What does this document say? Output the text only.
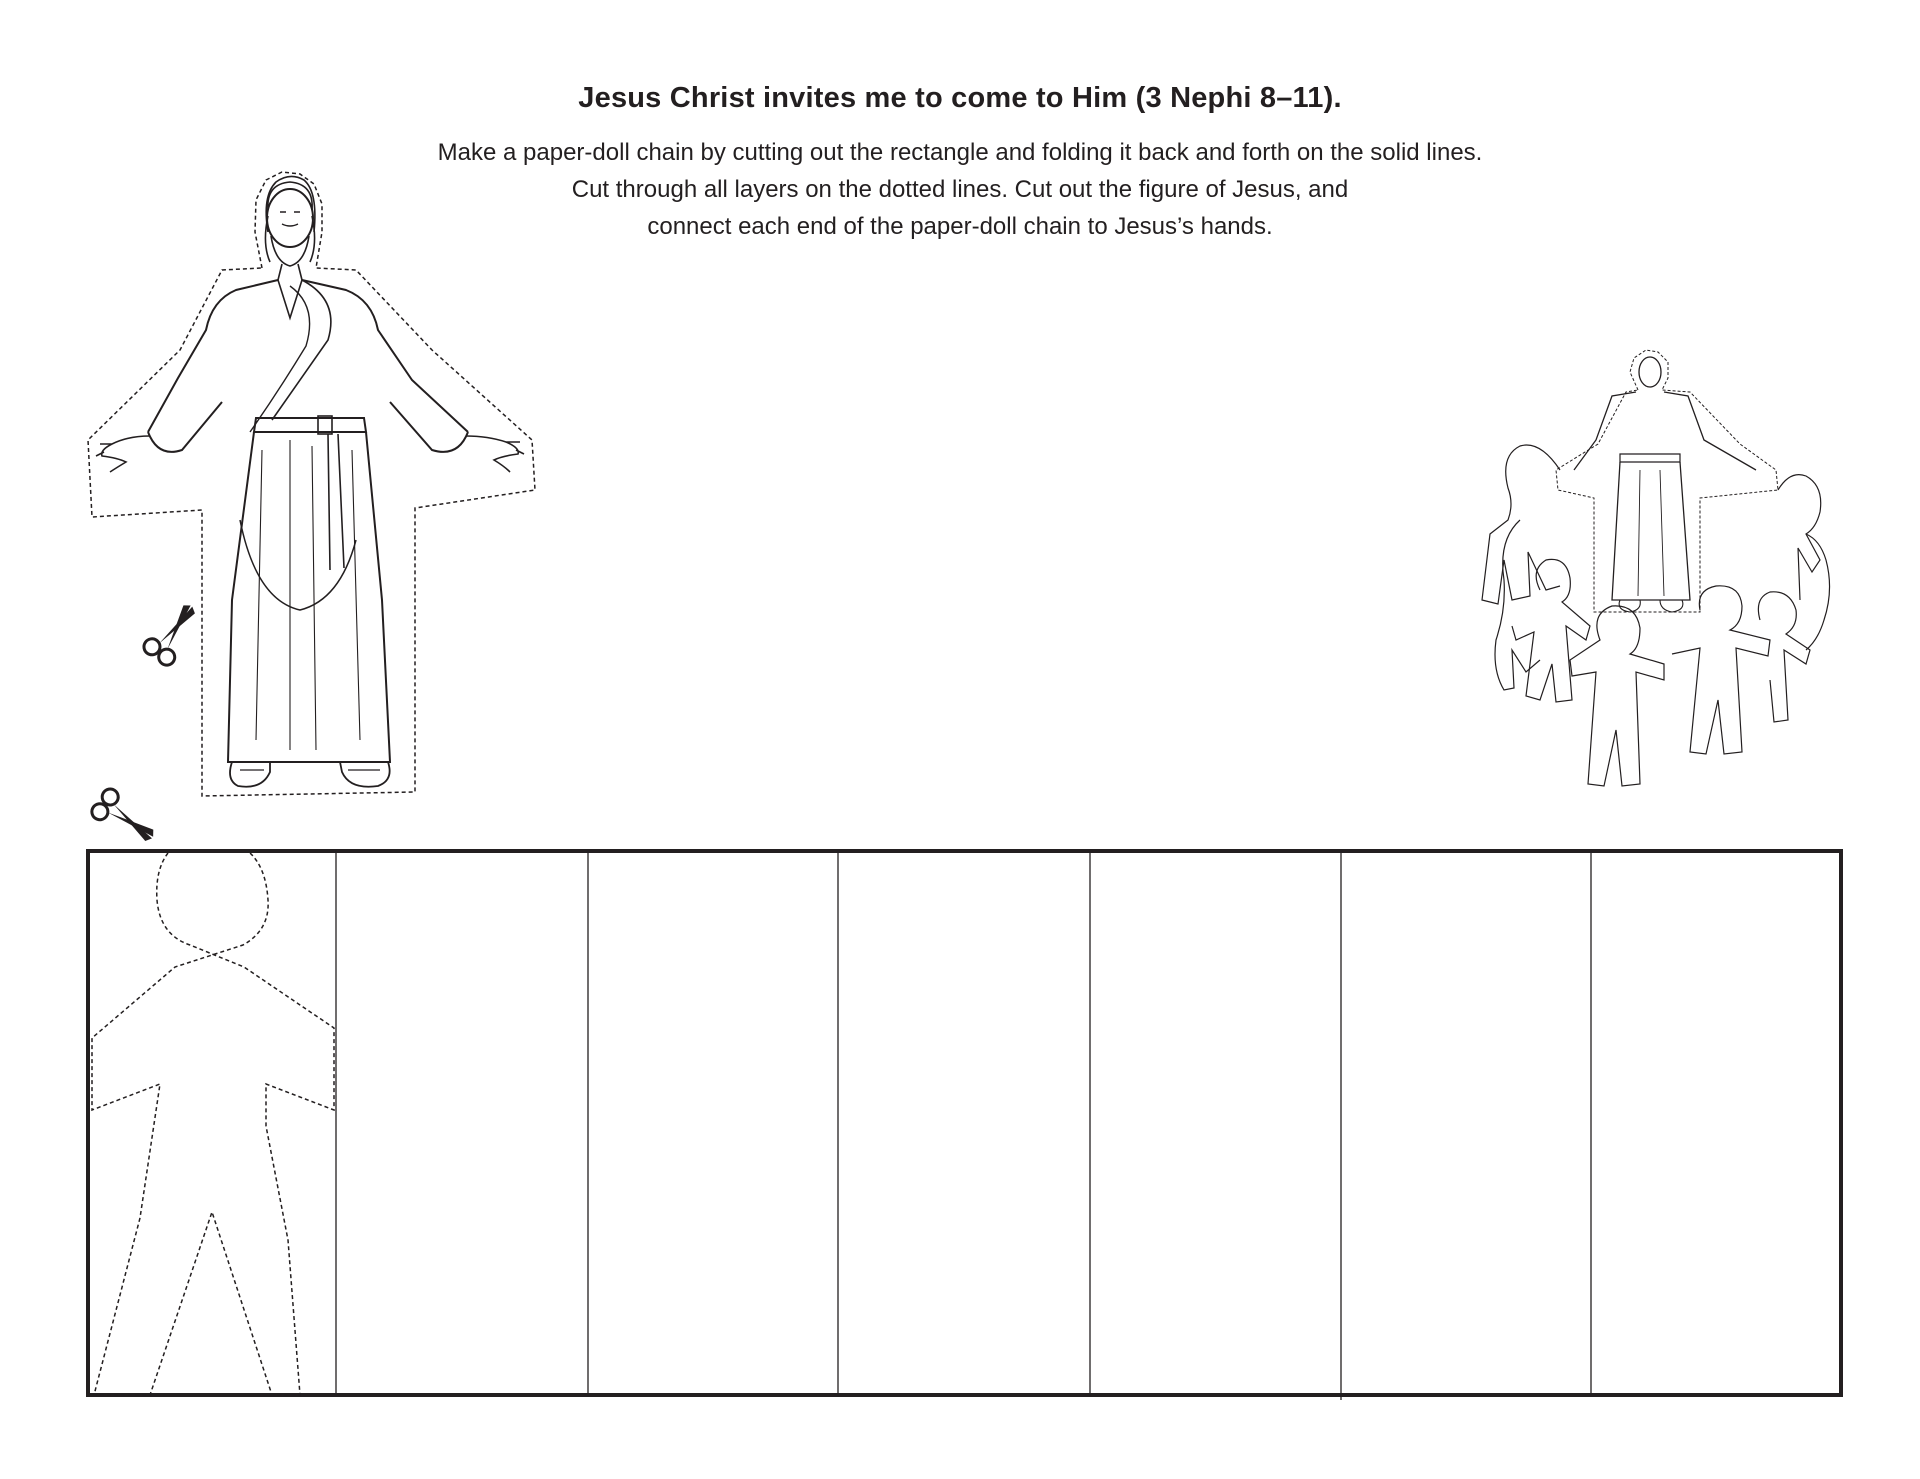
Jesus Christ invites me to come to Him (3 Nephi 8–11).
Make a paper-doll chain by cutting out the rectangle and folding it back and forth on the solid lines.
Cut through all layers on the dotted lines. Cut out the figure of Jesus, and
connect each end of the paper-doll chain to Jesus’s hands.
